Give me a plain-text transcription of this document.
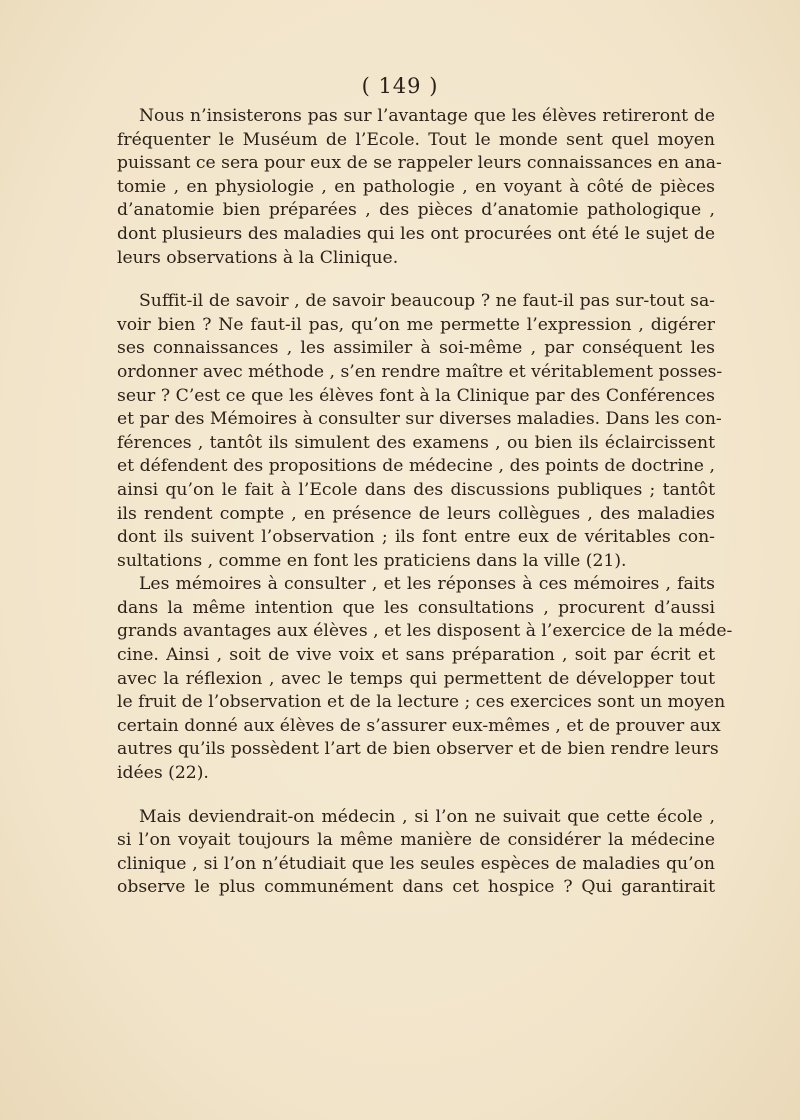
( 149 )
Nous n’insisterons pas sur l’avantage que les élèves retireront de
fréquenter le Muséum de l’Ecole. Tout le monde sent quel moyen
puissant ce sera pour eux de se rappeler leurs connaissances en ana-
tomie , en physiologie , en pathologie , en voyant à côté de pièces
d’anatomie bien préparées , des pièces d’anatomie pathologique ,
dont plusieurs des maladies qui les ont procurées ont été le sujet de
leurs observations à la Clinique.
Suffit-il de savoir , de savoir beaucoup ? ne faut-il pas sur-tout sa-
voir bien ? Ne faut-il pas, qu’on me permette l’expression , digérer
ses connaissances , les assimiler à soi-même , par conséquent les
ordonner avec méthode , s’en rendre maître et véritablement posses-
seur ? C’est ce que les élèves font à la Clinique par des Conférences
et par des Mémoires à consulter sur diverses maladies. Dans les con-
férences , tantôt ils simulent des examens , ou bien ils éclaircissent
et défendent des propositions de médecine , des points de doctrine ,
ainsi qu’on le fait à l’Ecole dans des discussions publiques ; tantôt
ils rendent compte , en présence de leurs collègues , des maladies
dont ils suivent l’observation ; ils font entre eux de véritables con-
sultations , comme en font les praticiens dans la ville (21).
Les mémoires à consulter , et les réponses à ces mémoires , faits
dans la même intention que les consultations , procurent d’aussi
grands avantages aux élèves , et les disposent à l’exercice de la méde-
cine. Ainsi , soit de vive voix et sans préparation , soit par écrit et
avec la réflexion , avec le temps qui permettent de développer tout
le fruit de l’observation et de la lecture ; ces exercices sont un moyen
certain donné aux élèves de s’assurer eux-mêmes , et de prouver aux
autres qu’ils possèdent l’art de bien observer et de bien rendre leurs
idées (22).
Mais deviendrait-on médecin , si l’on ne suivait que cette école ,
si l’on voyait toujours la même manière de considérer la médecine
clinique , si l’on n’étudiait que les seules espèces de maladies qu’on
observe le plus communément dans cet hospice ? Qui garantirait
